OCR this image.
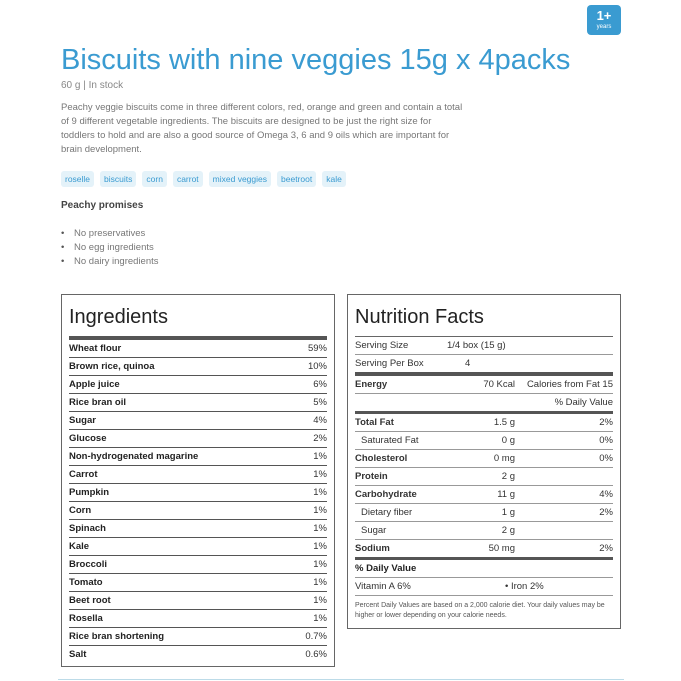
1+
years
Biscuits with nine veggies 15g x 4packs
60 g | In stock

Peachy veggie biscuits come in three different colors, red, orange and green and contain a total of 9 different vegetable ingredients. The biscuits are designed to be just the right size for toddlers to hold and are also a good source of Omega 3, 6 and 9 oils which are important for brain development.

roselle	biscuits	corn	carrot	mixed veggies	beetroot	kale
Peachy promises
• No preservatives
• No egg ingredients
• No dairy ingredients
Ingredients
Wheat flour	59%
Brown rice, quinoa	10%
Apple juice	6%
Rice bran oil	5%
Sugar	4%
Glucose	2%
Non-hydrogenated magarine	1%
Carrot	1%
Pumpkin	1%
Corn	1%
Spinach	1%
Kale	1%
Broccoli	1%
Tomato	1%
Beet root	1%
Rosella	1%
Rice bran shortening	0.7%
Salt	0.6%
Nutrition Facts
Serving Size	1/4 box (15 g)
Serving Per Box	4
Energy	70 Kcal	Calories from Fat 15
% Daily Value
Total Fat	1.5 g	2%
Saturated Fat	0 g	0%
Cholesterol	0 mg	0%
Protein	2 g
Carbohydrate	11 g	4%
Dietary fiber	1 g	2%
Sugar	2 g
Sodium	50 mg	2%
% Daily Value
Vitamin A 6%	• Iron 2%
Percent Daily Values are based on a 2,000 calorie diet. Your daily values may be higher or lower depending on your calorie needs.
